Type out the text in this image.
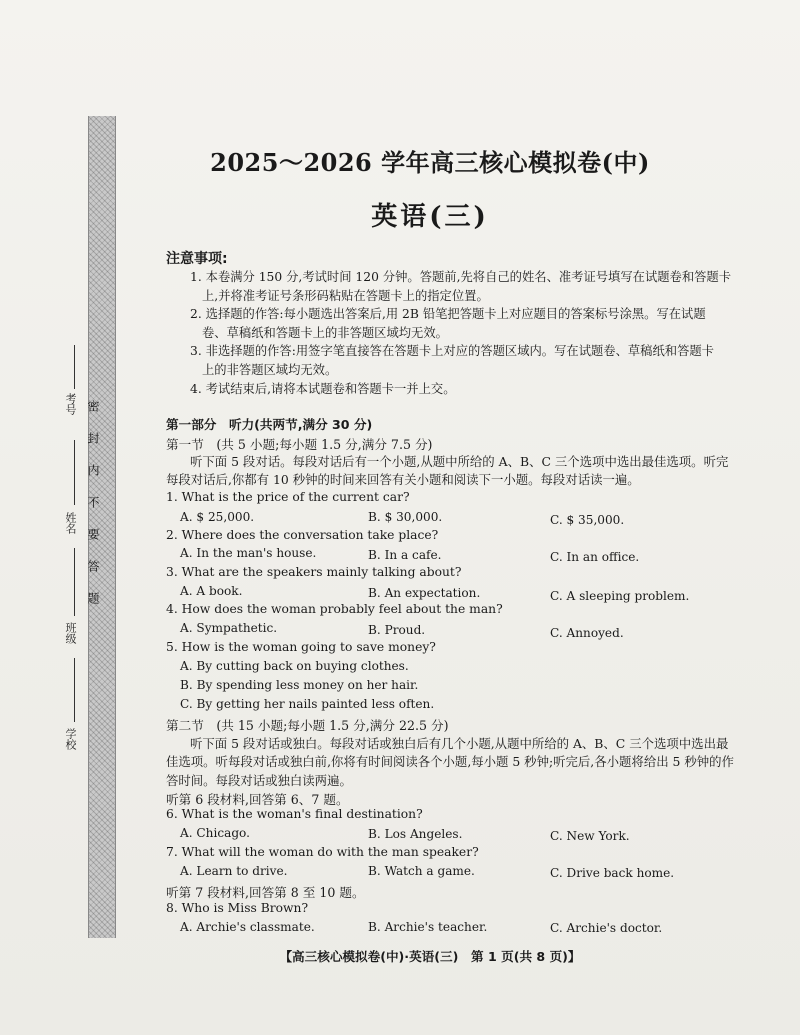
考号
姓名
班级
学校
2025～2026 学年高三核心模拟卷(中)
英语(三)
注意事项:

1. 本卷满分 150 分,考试时间 120 分钟。答题前,先将自己的姓名、准考证号填写在试题卷和答题卡
上,并将准考证号条形码粘贴在答题卡上的指定位置。

2. 选择题的作答:每小题选出答案后,用 2B 铅笔把答题卡上对应题目的答案标号涂黑。写在试题
卷、草稿纸和答题卡上的非答题区域均无效。

3. 非选择题的作答:用签字笔直接答在答题卡上对应的答题区域内。写在试题卷、草稿纸和答题卡
上的非答题区域均无效。

4. 考试结束后,请将本试题卷和答题卡一并上交。

第一部分　听力(共两节,满分 30 分)
第一节　(共 5 小题;每小题 1.5 分,满分 7.5 分)
听下面 5 段对话。每段对话后有一个小题,从题中所给的 A、B、C 三个选项中选出最佳选项。听完每段对话后,你都有 10 秒钟的时间来回答有关小题和阅读下一小题。每段对话读一遍。
1. What is the price of the current car?
A. $ 25,000.	B. $ 30,000.	C. $ 35,000.
2. Where does the conversation take place?
A. In the man's house.	B. In a cafe.	C. In an office.
3. What are the speakers mainly talking about?
A. A book.	B. An expectation.	C. A sleeping problem.
4. How does the woman probably feel about the man?
A. Sympathetic.	B. Proud.	C. Annoyed.
5. How is the woman going to save money?
A. By cutting back on buying clothes.
B. By spending less money on her hair.
C. By getting her nails painted less often.
第二节　(共 15 小题;每小题 1.5 分,满分 22.5 分)
听下面 5 段对话或独白。每段对话或独白后有几个小题,从题中所给的 A、B、C 三个选项中选出最佳选项。听每段对话或独白前,你将有时间阅读各个小题,每小题 5 秒钟;听完后,各小题将给出 5 秒钟的作答时间。每段对话或独白读两遍。
听第 6 段材料,回答第 6、7 题。
6. What is the woman's final destination?
A. Chicago.	B. Los Angeles.	C. New York.
7. What will the woman do with the man speaker?
A. Learn to drive.	B. Watch a game.	C. Drive back home.
听第 7 段材料,回答第 8 至 10 题。
8. Who is Miss Brown?
A. Archie's classmate.	B. Archie's teacher.	C. Archie's doctor.
【高三核心模拟卷(中)·英语(三)　第 1 页(共 8 页)】
